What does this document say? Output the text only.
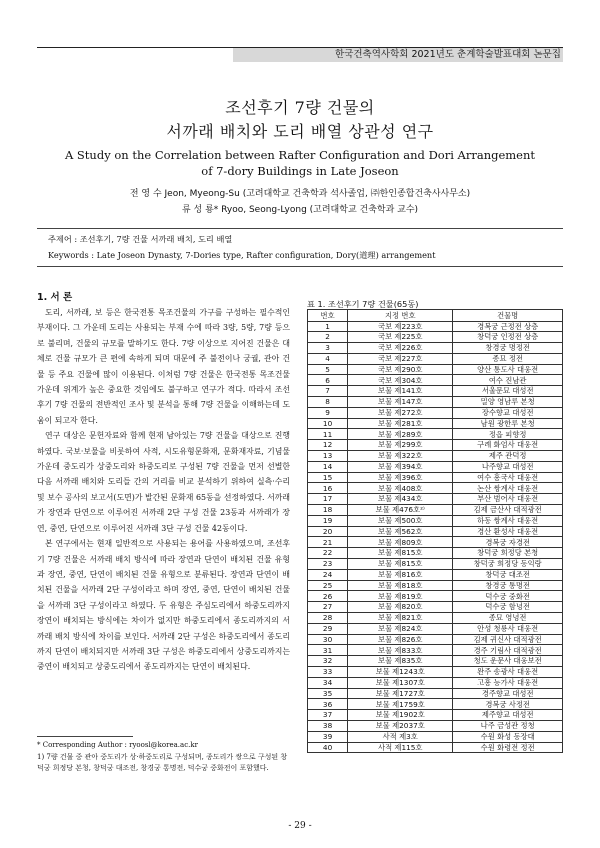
한국건축역사학회 2021년도 춘계학술발표대회 논문집
조선후기 7량 건물의
서까래 배치와 도리 배열 상관성 연구
A Study on the Correlation between Rafter Configuration and Dori Arrangement
of 7-dory Buildings in Late Joseon
전 영 수 Jeon, Myeong-Su (고려대학교 건축학과 석사졸업, ㈜한인종합건축사사무소)
류 성 룡* Ryoo, Seong-Lyong (고려대학교 건축학과 교수)
주제어 : 조선후기, 7량 건물 서까래 배치, 도리 배열
Keywords : Late Joseon Dynasty, 7-Dories type, Rafter configuration, Dory(道理) arrangement
1. 서 론

도리, 서까래, 보 등은 한국전통 목조건물의 가구를 구성하는 필수적인 부재이다. 그 가운데 도리는 사용되는 부재 수에 따라 3량, 5량, 7량 등으로 불리며, 건물의 규모를 말하기도 한다. 7량 이상으로 지어진 건물은 대체로 건물 규모가 큰 편에 속하게 되며 대문에 주 불전이나 궁궐, 관아 건물 등 주요 건물에 많이 이용된다. 이처럼 7량 건물은 한국전통 목조건물 가운데 위계가 높은 중요한 것임에도 불구하고 연구가 적다. 따라서 조선후기 7량 건물의 전반적인 조사 및 분석을 통해 7량 건물을 이해하는데 도움이 되고자 한다.

연구 대상은 문헌자료와 함께 현재 남아있는 7량 건물을 대상으로 진행하였다. 국보·보물을 비롯하여 사적, 시도유형문화재, 문화재자료, 기념물 가운데 중도리가 상중도리와 하중도리로 구성된 7량 건물을 먼저 선별한 다음 서까래 배치와 도리들 간의 거리를 비교 분석하기 위하여 실측·수리 및 보수 공사의 보고서(도면)가 발간된 문화재 65동을 선정하였다. 서까래가 장연과 단연으로 이루어진 서까래 2단 구성 건물 23동과 서까래가 장연, 중연, 단연으로 이루어진 서까래 3단 구성 건물 42동이다.

본 연구에서는 현재 일반적으로 사용되는 용어를 사용하였으며, 조선후기 7량 건물은 서까래 배치 방식에 따라 장연과 단연이 배치된 건물 유형과 장연, 중연, 단연이 배치된 건물 유형으로 분류된다. 장연과 단연이 배치된 건물을 서까래 2단 구성이라고 하며 장연, 중연, 단연이 배치된 건물을 서까래 3단 구성이라고 하였다. 두 유형은 주심도리에서 하중도리까지 장연이 배치되는 방식에는 차이가 없지만 하중도리에서 종도리까지의 서까래 배치 방식에 차이를 보인다. 서까래 2단 구성은 하중도리에서 종도리까지 단연이 배치되지만 서까래 3단 구성은 하중도리에서 상중도리까지는 중연이 배치되고 상중도리에서 종도리까지는 단연이 배치된다.

* Corresponding Author : ryoosl@korea.ac.kr
1) 7량 건물 중 관아 중도리가 상·하중도리로 구성되며, 종도리가 쌍으로 구성된 창덕궁 희정당 본청, 창덕궁 대조전, 창경궁 통명전, 덕수궁 중화전이 포함했다.
표 1. 조선후기 7량 건물(65동)
번호	지정 번호	건물명
1	국보 제223호	경복궁 근정전 상층
2	국보 제225호	창덕궁 인정전 상층
3	국보 제226호	창경궁 명정전
4	국보 제227호	종묘 정전
5	국보 제290호	양산 통도사 대웅전
6	국보 제304호	여수 진남관
7	보물 제141호	서울문묘 대성전
8	보물 제147호	밀양 영남루 본청
9	보물 제272호	장수향교 대성전
10	보물 제281호	남원 광한루 본청
11	보물 제289호	정읍 피향정
12	보물 제299호	구례 화엄사 대웅전
13	보물 제322호	제주 관덕정
14	보물 제394호	나주향교 대성전
15	보물 제396호	여수 흥국사 대웅전
16	보물 제408호	논산 쌍계사 대웅전
17	보물 제434호	부산 범어사 대웅전
18	보물 제476호²⁾	김제 금산사 대적광전
19	보물 제500호	하동 쌍계사 대웅전
20	보물 제562호	경산 환성사 대웅전
21	보물 제809호	경복궁 자경전
22	보물 제815호	창덕궁 희정당 본청
23	보물 제815호	창덕궁 희정당 동익랑
24	보물 제816호	창덕궁 대조전
25	보물 제818호	창경궁 통명전
26	보물 제819호	덕수궁 중화전
27	보물 제820호	덕수궁 함녕전
28	보물 제821호	종묘 영녕전
29	보물 제824호	안성 청룡사 대웅전
30	보물 제826호	김제 귀신사 대적광전
31	보물 제833호	경주 기림사 대적광전
32	보물 제835호	청도 운문사 대웅보전
33	보물 제1243호	완주 송광사 대웅전
34	보물 제1307호	고흥 능가사 대웅전
35	보물 제1727호	경주향교 대성전
36	보물 제1759호	경복궁 사정전
37	보물 제1902호	제주향교 대성전
38	보물 제2037호	나주 금성관 정청
39	사적 제3호	수원 화성 동장대
40	사적 제115호	수원 화령전 정전
- 29 -
